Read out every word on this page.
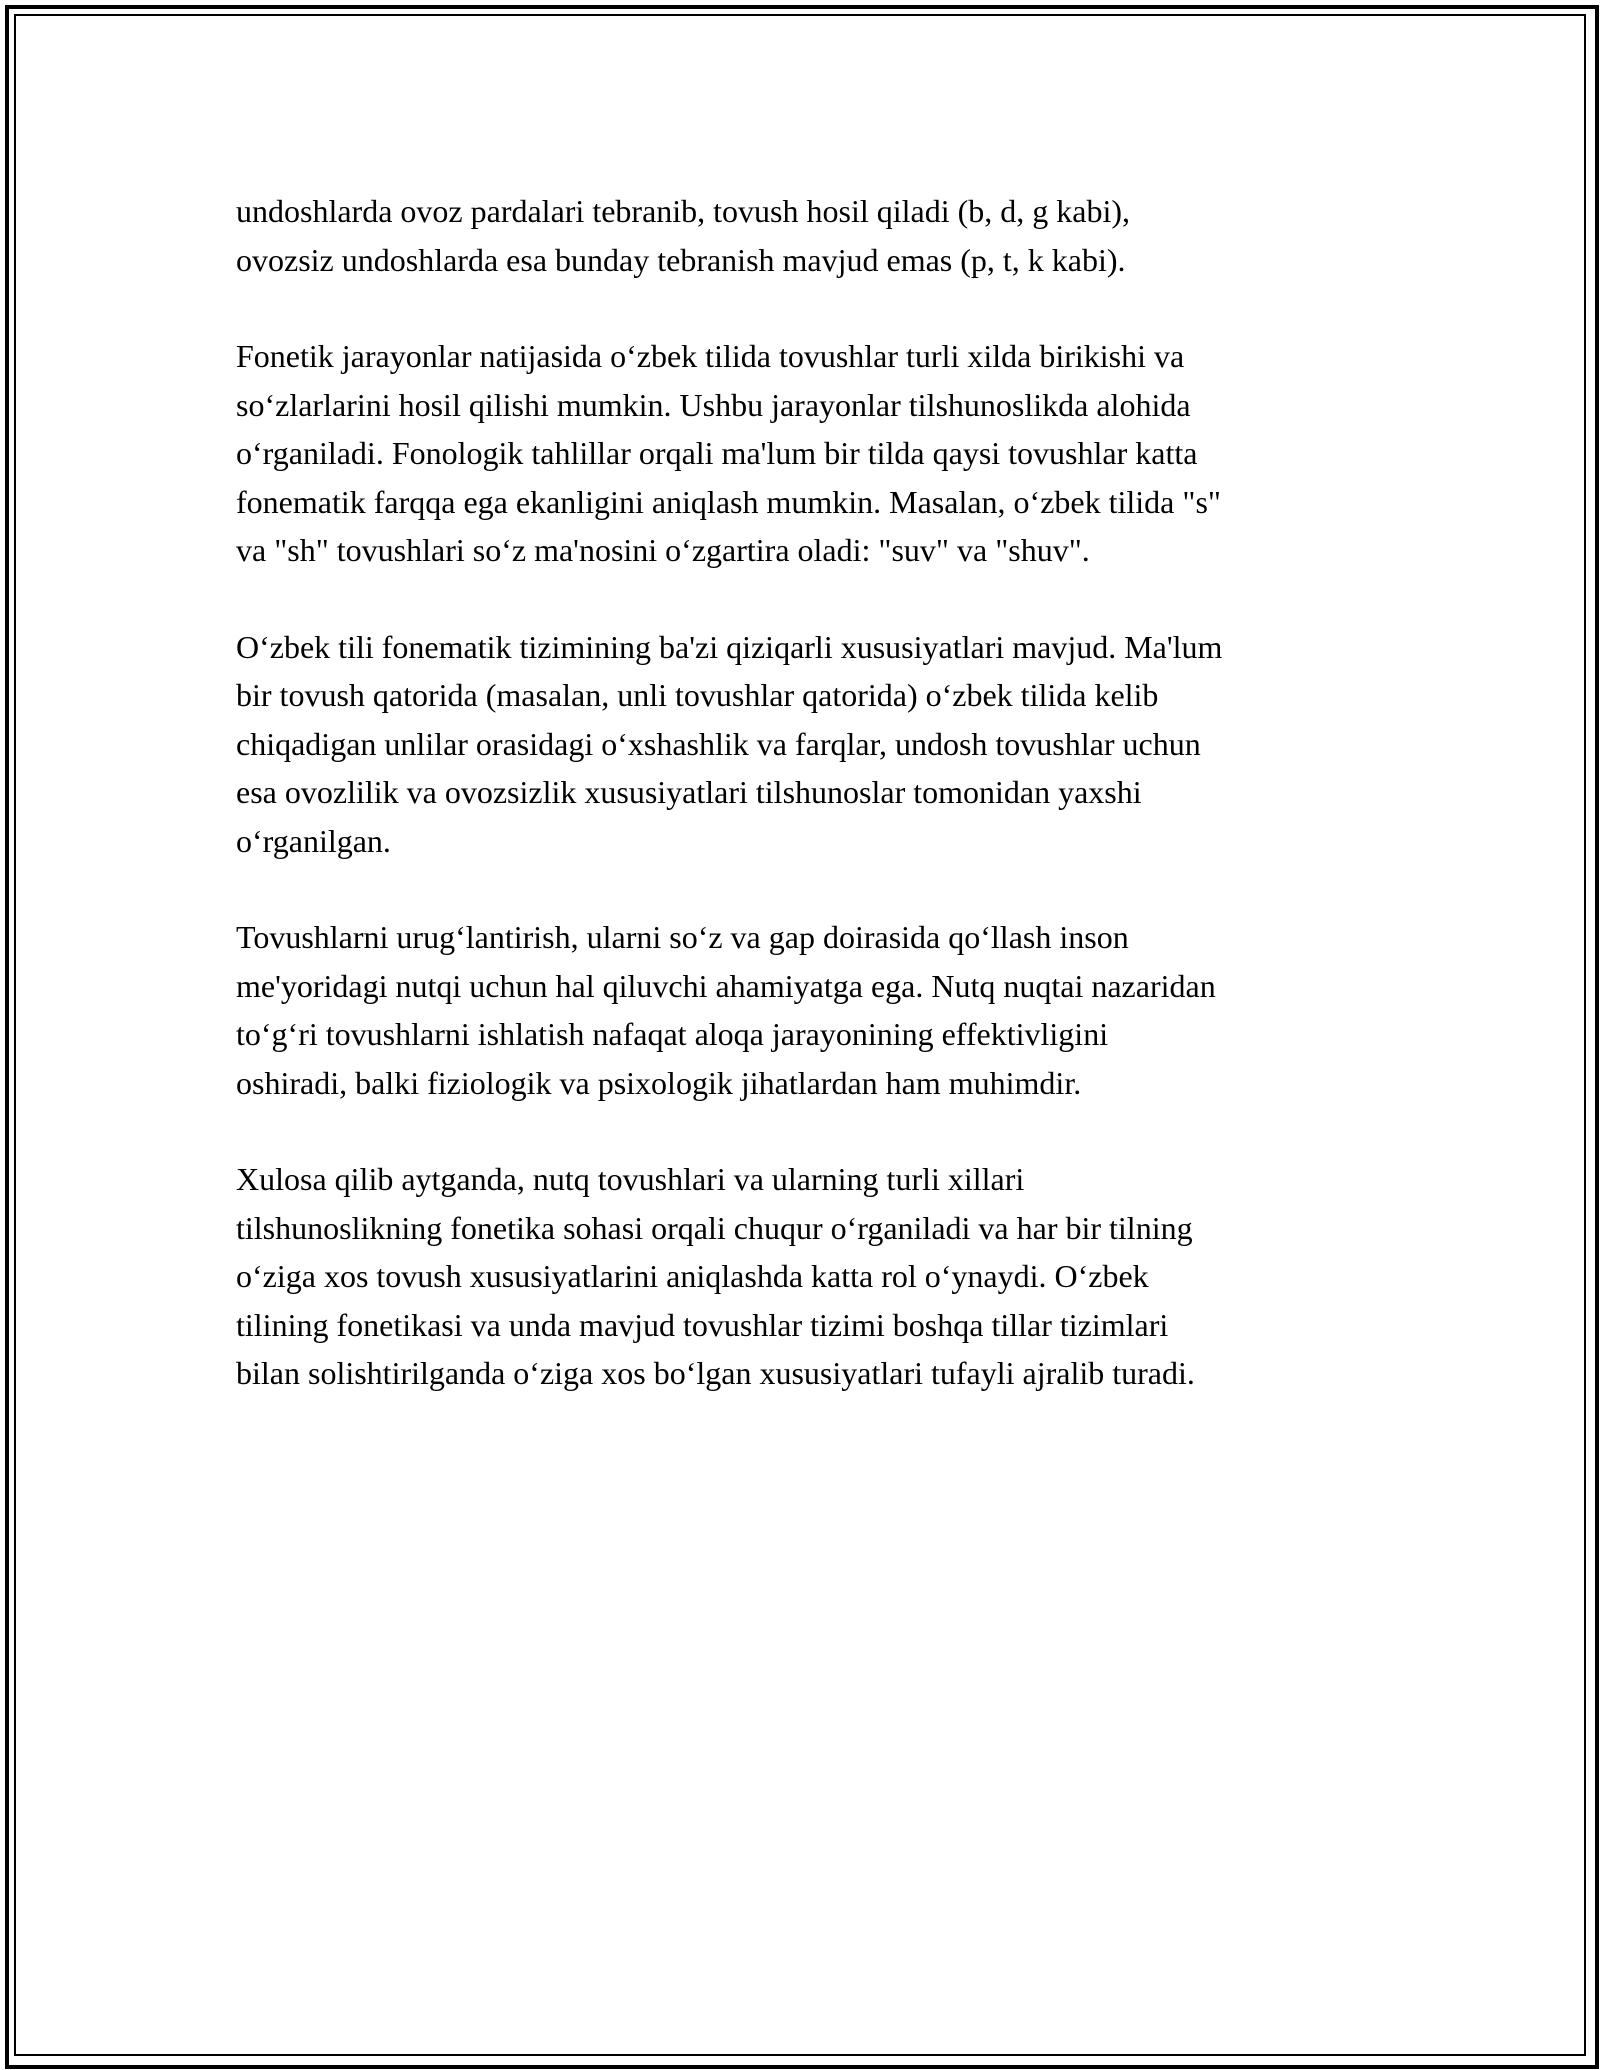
undoshlarda ovoz pardalari tebranib, tovush hosil qiladi (b, d, g kabi),
ovozsiz undoshlarda esa bunday tebranish mavjud emas (p, t, k kabi).

Fonetik jarayonlar natijasida o‘zbek tilida tovushlar turli xilda birikishi va
so‘zlarlarini hosil qilishi mumkin. Ushbu jarayonlar tilshunoslikda alohida
o‘rganiladi. Fonologik tahlillar orqali ma'lum bir tilda qaysi tovushlar katta
fonematik farqqa ega ekanligini aniqlash mumkin. Masalan, o‘zbek tilida "s"
va "sh" tovushlari so‘z ma'nosini o‘zgartira oladi: "suv" va "shuv".

O‘zbek tili fonematik tizimining ba'zi qiziqarli xususiyatlari mavjud. Ma'lum
bir tovush qatorida (masalan, unli tovushlar qatorida) o‘zbek tilida kelib
chiqadigan unlilar orasidagi o‘xshashlik va farqlar, undosh tovushlar uchun
esa ovozlilik va ovozsizlik xususiyatlari tilshunoslar tomonidan yaxshi
o‘rganilgan.

Tovushlarni urug‘lantirish, ularni so‘z va gap doirasida qo‘llash inson
me'yoridagi nutqi uchun hal qiluvchi ahamiyatga ega. Nutq nuqtai nazaridan
to‘g‘ri tovushlarni ishlatish nafaqat aloqa jarayonining effektivligini
oshiradi, balki fiziologik va psixologik jihatlardan ham muhimdir.

Xulosa qilib aytganda, nutq tovushlari va ularning turli xillari
tilshunoslikning fonetika sohasi orqali chuqur o‘rganiladi va har bir tilning
o‘ziga xos tovush xususiyatlarini aniqlashda katta rol o‘ynaydi. O‘zbek
tilining fonetikasi va unda mavjud tovushlar tizimi boshqa tillar tizimlari
bilan solishtirilganda o‘ziga xos bo‘lgan xususiyatlari tufayli ajralib turadi.
